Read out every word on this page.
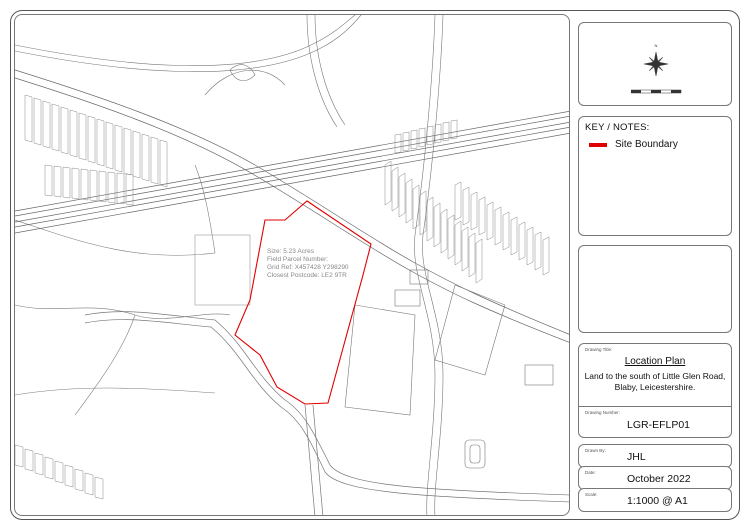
Size: 5.23 Acres
Field Parcel Number:
Grid Ref: X457428 Y298290
Closest Postcode: LE2 9TR
N
KEY / NOTES:
Site Boundary
Drawing Title:
Location Plan
Land to the south of Little Glen Road,
Blaby, Leicestershire.
Drawing Number:
LGR-EFLP01
Drawn By:
JHL
Date:
October 2022
Scale:
1:1000 @ A1
